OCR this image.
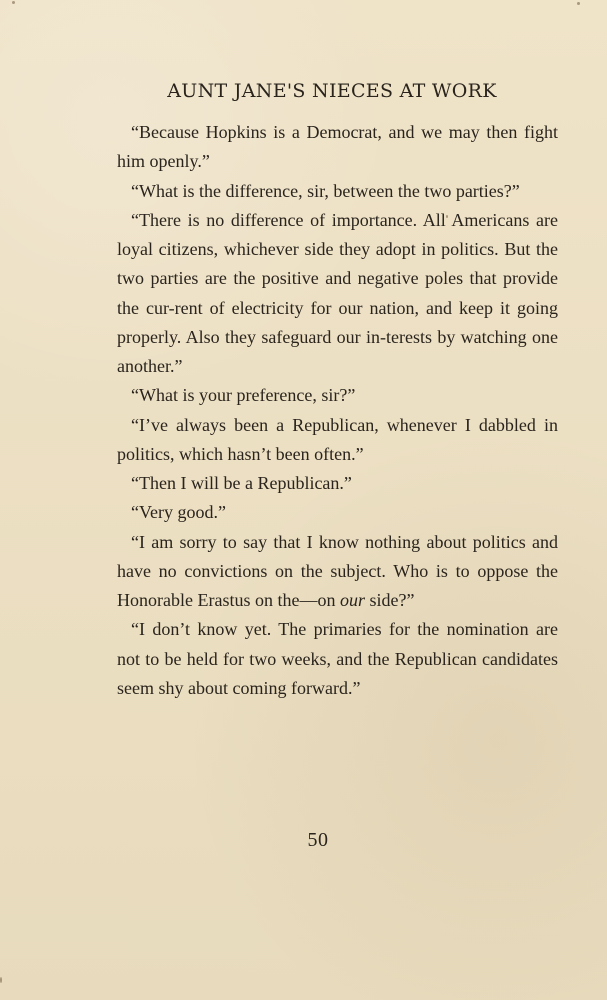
AUNT JANE'S NIECES AT WORK

“Because Hopkins is a Democrat, and we may then fight him openly.”

“What is the difference, sir, between the two parties?”

“There is no difference of importance. All Americans are loyal citizens, whichever side they adopt in politics. But the two parties are the positive and negative poles that provide the cur-rent of electricity for our nation, and keep it going properly. Also they safeguard our in-terests by watching one another.”

“What is your preference, sir?”

“I’ve always been a Republican, whenever I dabbled in politics, which hasn’t been often.”

“Then I will be a Republican.”

“Very good.”

“I am sorry to say that I know nothing about politics and have no convictions on the subject. Who is to oppose the Honorable Erastus on the—on our side?”

“I don’t know yet. The primaries for the nomination are not to be held for two weeks, and the Republican candidates seem shy about coming forward.”

50
